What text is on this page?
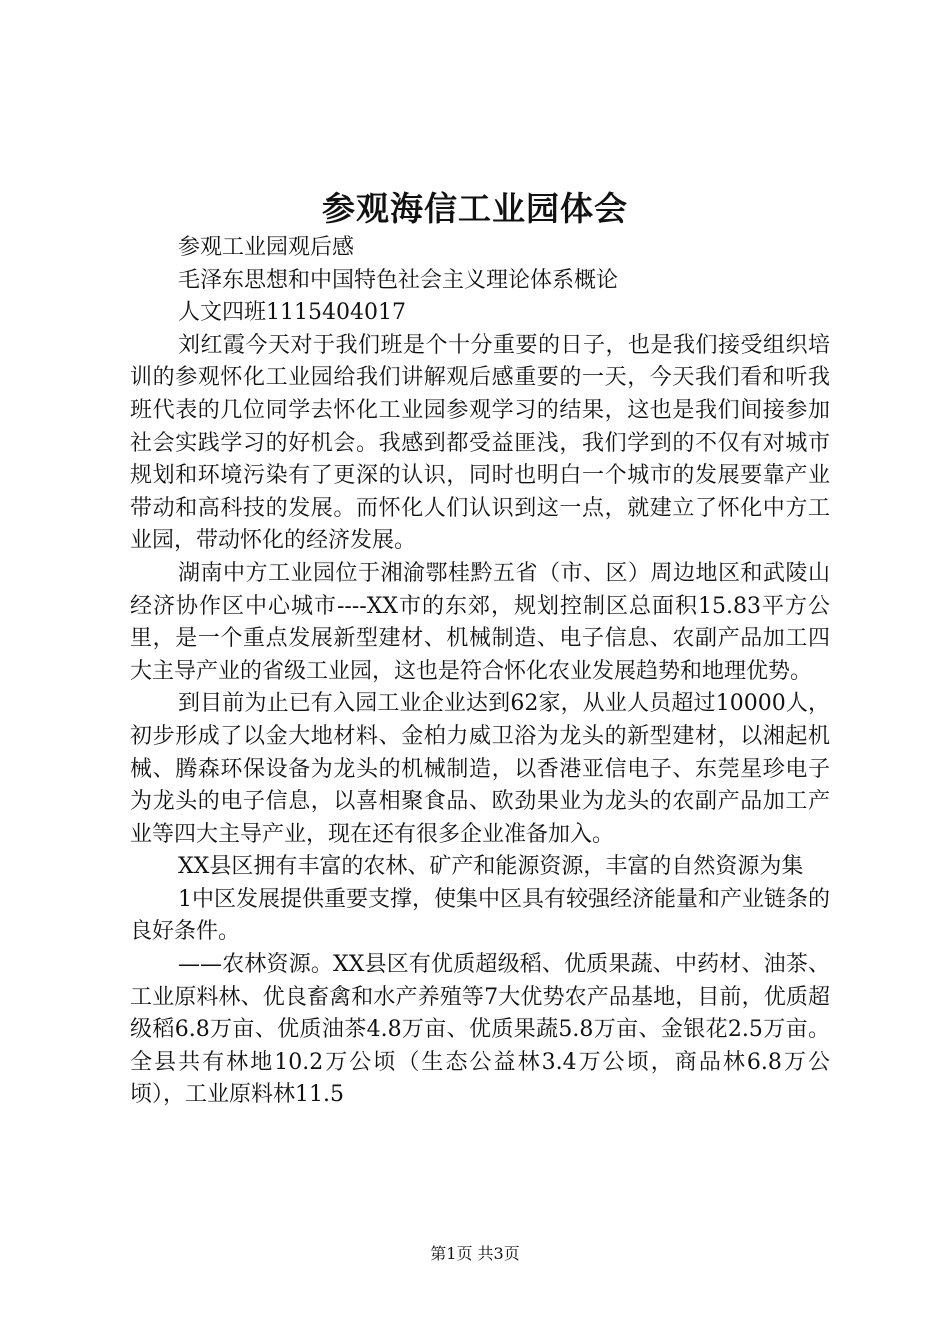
参观海信工业园体会

参观工业园观后感

毛泽东思想和中国特色社会主义理论体系概论

人文四班1115404017

刘红霞今天对于我们班是个十分重要的日子，也是我们接受组织培训的参观怀化工业园给我们讲解观后感重要的一天，今天我们看和听我班代表的几位同学去怀化工业园参观学习的结果，这也是我们间接参加社会实践学习的好机会。我感到都受益匪浅，我们学到的不仅有对城市规划和环境污染有了更深的认识，同时也明白一个城市的发展要靠产业带动和高科技的发展。而怀化人们认识到这一点，就建立了怀化中方工业园，带动怀化的经济发展。

湖南中方工业园位于湘渝鄂桂黔五省（市、区）周边地区和武陵山经济协作区中心城市----XX市的东郊，规划控制区总面积15.83平方公里，是一个重点发展新型建材、机械制造、电子信息、农副产品加工四大主导产业的省级工业园，这也是符合怀化农业发展趋势和地理优势。

到目前为止已有入园工业企业达到62家，从业人员超过10000人，初步形成了以金大地材料、金柏力威卫浴为龙头的新型建材，以湘起机械、腾森环保设备为龙头的机械制造，以香港亚信电子、东莞星珍电子为龙头的电子信息，以喜相聚食品、欧劲果业为龙头的农副产品加工产业等四大主导产业，现在还有很多企业准备加入。

XX县区拥有丰富的农林、矿产和能源资源，丰富的自然资源为集

1中区发展提供重要支撑，使集中区具有较强经济能量和产业链条的良好条件。

——农林资源。XX县区有优质超级稻、优质果蔬、中药材、油茶、工业原料林、优良畜禽和水产养殖等7大优势农产品基地，目前，优质超级稻6.8万亩、优质油茶4.8万亩、优质果蔬5.8万亩、金银花2.5万亩。全县共有林地10.2万公顷（生态公益林3.4万公顷，商品林6.8万公顷），工业原料林11.5

第1页 共3页
